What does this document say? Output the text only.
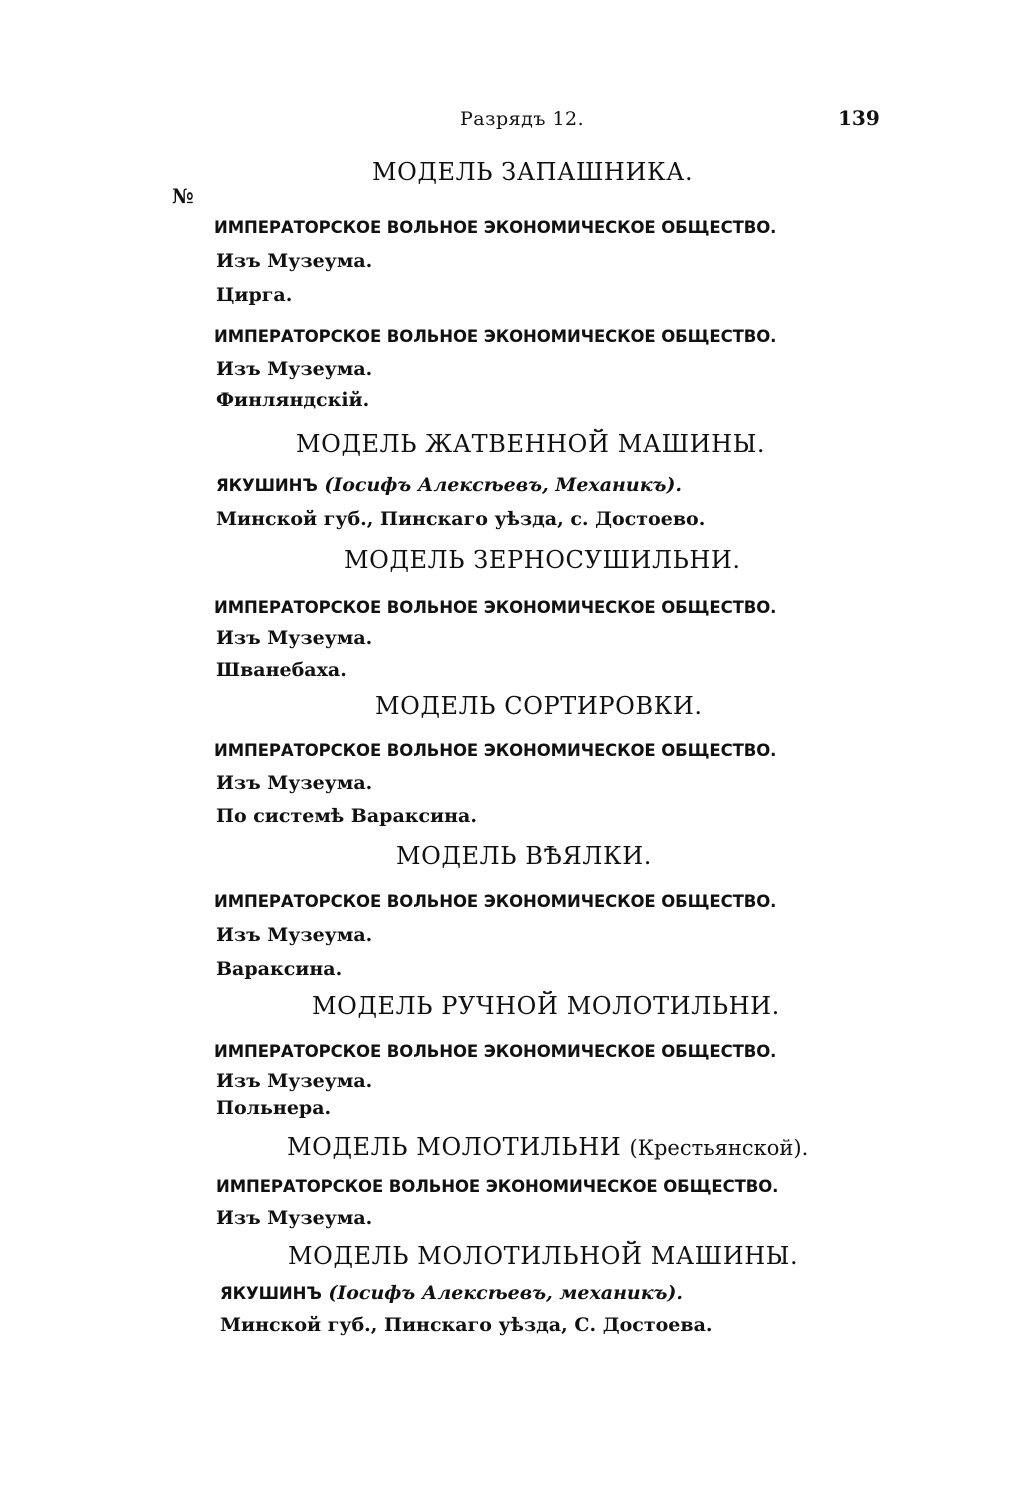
Разрядъ 12.	139
№
МОДЕЛЬ ЗАПАШНИКА.
ИМПЕРАТОРСКОЕ ВОЛЬНОЕ ЭКОНОМИЧЕСКОЕ ОБЩЕСТВО.
Изъ Музеума.
Цирга.
ИМПЕРАТОРСКОЕ ВОЛЬНОЕ ЭКОНОМИЧЕСКОЕ ОБЩЕСТВО.
Изъ Музеума.
Финляндскій.
МОДЕЛЬ ЖАТВЕННОЙ МАШИНЫ.
ЯКУШИНЪ (Іосифъ Алексѣевъ, Механикъ).
Минской губ., Пинскаго уѣзда, с. Достоево.
МОДЕЛЬ ЗЕРНОСУШИЛЬНИ.
ИМПЕРАТОРСКОЕ ВОЛЬНОЕ ЭКОНОМИЧЕСКОЕ ОБЩЕСТВО.
Изъ Музеума.
Шванебаха.
МОДЕЛЬ СОРТИРОВКИ.
ИМПЕРАТОРСКОЕ ВОЛЬНОЕ ЭКОНОМИЧЕСКОЕ ОБЩЕСТВО.
Изъ Музеума.
По системѣ Вараксина.
МОДЕЛЬ ВѢЯЛКИ.
ИМПЕРАТОРСКОЕ ВОЛЬНОЕ ЭКОНОМИЧЕСКОЕ ОБЩЕСТВО.
Изъ Музеума.
Вараксина.
МОДЕЛЬ РУЧНОЙ МОЛОТИЛЬНИ.
ИМПЕРАТОРСКОЕ ВОЛЬНОЕ ЭКОНОМИЧЕСКОЕ ОБЩЕСТВО.
Изъ Музеума.
Польнера.
МОДЕЛЬ МОЛОТИЛЬНИ (Крестьянской).
ИМПЕРАТОРСКОЕ ВОЛЬНОЕ ЭКОНОМИЧЕСКОЕ ОБЩЕСТВО.
Изъ Музеума.
МОДЕЛЬ МОЛОТИЛЬНОЙ МАШИНЫ.
ЯКУШИНЪ (Іосифъ Алексѣевъ, механикъ).
Минской губ., Пинскаго уѣзда, С. Достоева.
